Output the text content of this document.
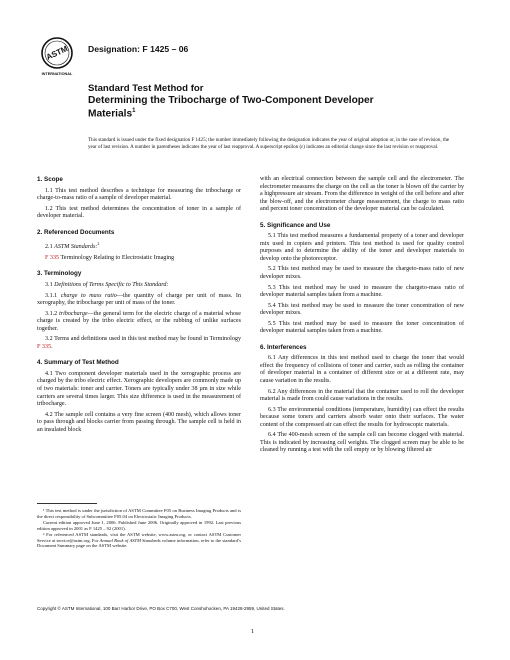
ASTM
INTERNATIONAL
Designation: F 1425 – 06
Standard Test Method for
Determining the Tribocharge of Two-Component Developer
Materials$^1$
This standard is issued under the fixed designation F 1425; the number immediately following the designation indicates the year of original adoption or, in the case of revision, the year of last revision. A number in parentheses indicates the year of last reapproval. A superscript epsilon (ε) indicates an editorial change since the last revision or reapproval.
1. Scope
1.1 This test method describes a technique for measuring the tribocharge or charge-to-mass ratio of a sample of developer material.
1.2 This test method determines the concentration of toner in a sample of developer material.
2. Referenced Documents
2.1 ASTM Standards:$^2$
F 335 Terminology Relating to Electrostatic Imaging
3. Terminology
3.1 Definitions of Terms Specific to This Standard:
3.1.1 charge to mass ratio—the quantity of charge per unit of mass. In xerography, the tribocharge per unit of mass of the toner.
3.1.2 tribocharge—the general term for the electric charge of a material whose charge is created by the tribo electric effect, or the rubbing of unlike surfaces together.
3.2 Terms and definitions used in this test method may be found in Terminology F 335.
4. Summary of Test Method
4.1 Two component developer materials used in the xerographic process are charged by the tribo electric effect. Xerographic developers are commonly made up of two materials: toner and carrier. Toners are typically under 38 µm in size while carriers are several times larger. This size difference is used in the measurement of tribocharge.
4.2 The sample cell contains a very fine screen (400 mesh), which allows toner to pass through and blocks carrier from passing through. The sample cell is held in an insulated block
¹ This test method is under the jurisdiction of ASTM Committee F05 on Business Imaging Products and is the direct responsibility of Subcommittee F05.04 on Electrostatic Imaging Products.
Current edition approved June 1, 2006. Published June 2006. Originally approved in 1992. Last previous edition approved in 2001 as F 1425 – 92 (2001).
² For referenced ASTM standards, visit the ASTM website, www.astm.org, or contact ASTM Customer Service at service@astm.org. For Annual Book of ASTM Standards volume information, refer to the standard’s Document Summary page on the ASTM website.
with an electrical connection between the sample cell and the electrometer. The electrometer measures the charge on the cell as the toner is blown off the carrier by a highpressure air stream. From the difference in weight of the cell before and after the blow-off, and the electrometer charge measurement, the charge to mass ratio and percent toner concentration of the developer material can be calculated.
5. Significance and Use
5.1 This test method measures a fundamental property of a toner and developer mix used in copiers and printers. This test method is used for quality control purposes and to determine the ability of the toner and developer materials to develop onto the photoreceptor.
5.2 This test method may be used to measure the chargeto-mass ratio of new developer mixes.
5.3 This test method may be used to measure the chargeto-mass ratio of developer material samples taken from a machine.
5.4 This test method may be used to measure the toner concentration of new developer mixes.
5.5 This test method may be used to measure the toner concentration of developer material samples taken from a machine.
6. Interferences
6.1 Any differences in this test method used to charge the toner that would effect the frequency of collisions of toner and carrier, such as rolling the container of developer material in a container of different size or at a different rate, may cause variation in the results.
6.2 Any differences in the material that the container used to roll the developer material is made from could cause variations in the results.
6.3 The environmental conditions (temperature, humidity) can effect the results because some toners and carriers absorb water onto their surfaces. The water content of the compressed air can effect the results for hydroscopic materials.
6.4 The 400-mesh screen of the sample cell can become clogged with material. This is indicated by increasing cell weights. The clogged screen may be able to be cleaned by running a test with the cell empty or by blowing filtered air
Copyright © ASTM International, 100 Barr Harbor Drive, PO Box C700, West Conshohocken, PA 19428-2959, United States.
1
